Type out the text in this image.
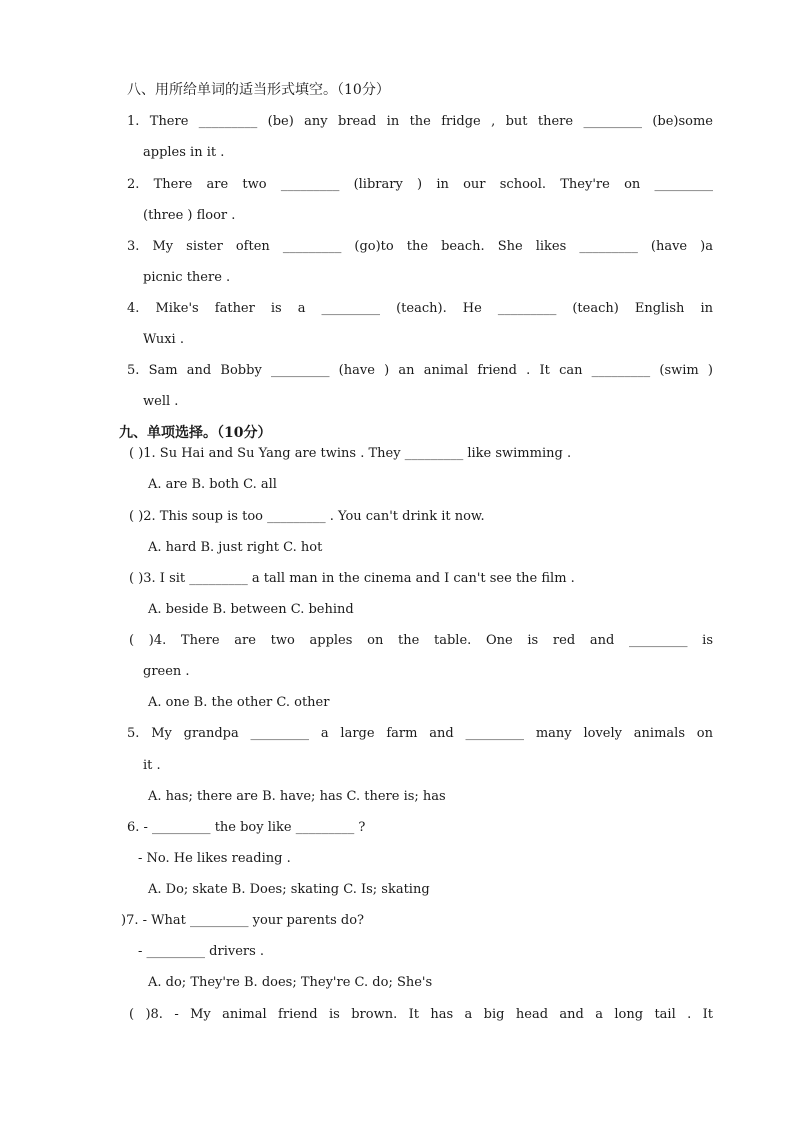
八、用所给单词的适当形式填空。（10分）
1. There _________ (be) any bread in the fridge , but there _________ (be)some
apples in it .
2. There are two _________ (library ) in our school. They're on _________
(three ) floor .
3. My sister often _________ (go)to the beach. She likes _________ (have )a
picnic there .
4. Mike's father is a _________ (teach). He _________ (teach) English in
Wuxi .
5. Sam and Bobby _________ (have ) an animal friend . It can _________ (swim )
well .
九、单项选择。（10分）
( )1. Su Hai and Su Yang are twins . They _________ like swimming .
A. are B. both C. all
( )2. This soup is too _________ . You can't drink it now.
A. hard B. just right C. hot
( )3. I sit _________ a tall man in the cinema and I can't see the film .
A. beside B. between C. behind
( )4. There are two apples on the table. One is red and _________ is
green .
A. one B. the other C. other
5. My grandpa _________ a large farm and _________ many lovely animals on
it .
A. has; there are B. have; has C. there is; has
6. - _________ the boy like _________ ?
- No. He likes reading .
A. Do; skate B. Does; skating C. Is; skating
)7. - What _________ your parents do?
- _________ drivers .
A. do; They're B. does; They're C. do; She's
( )8. - My animal friend is brown. It has a big head and a long tail . It
